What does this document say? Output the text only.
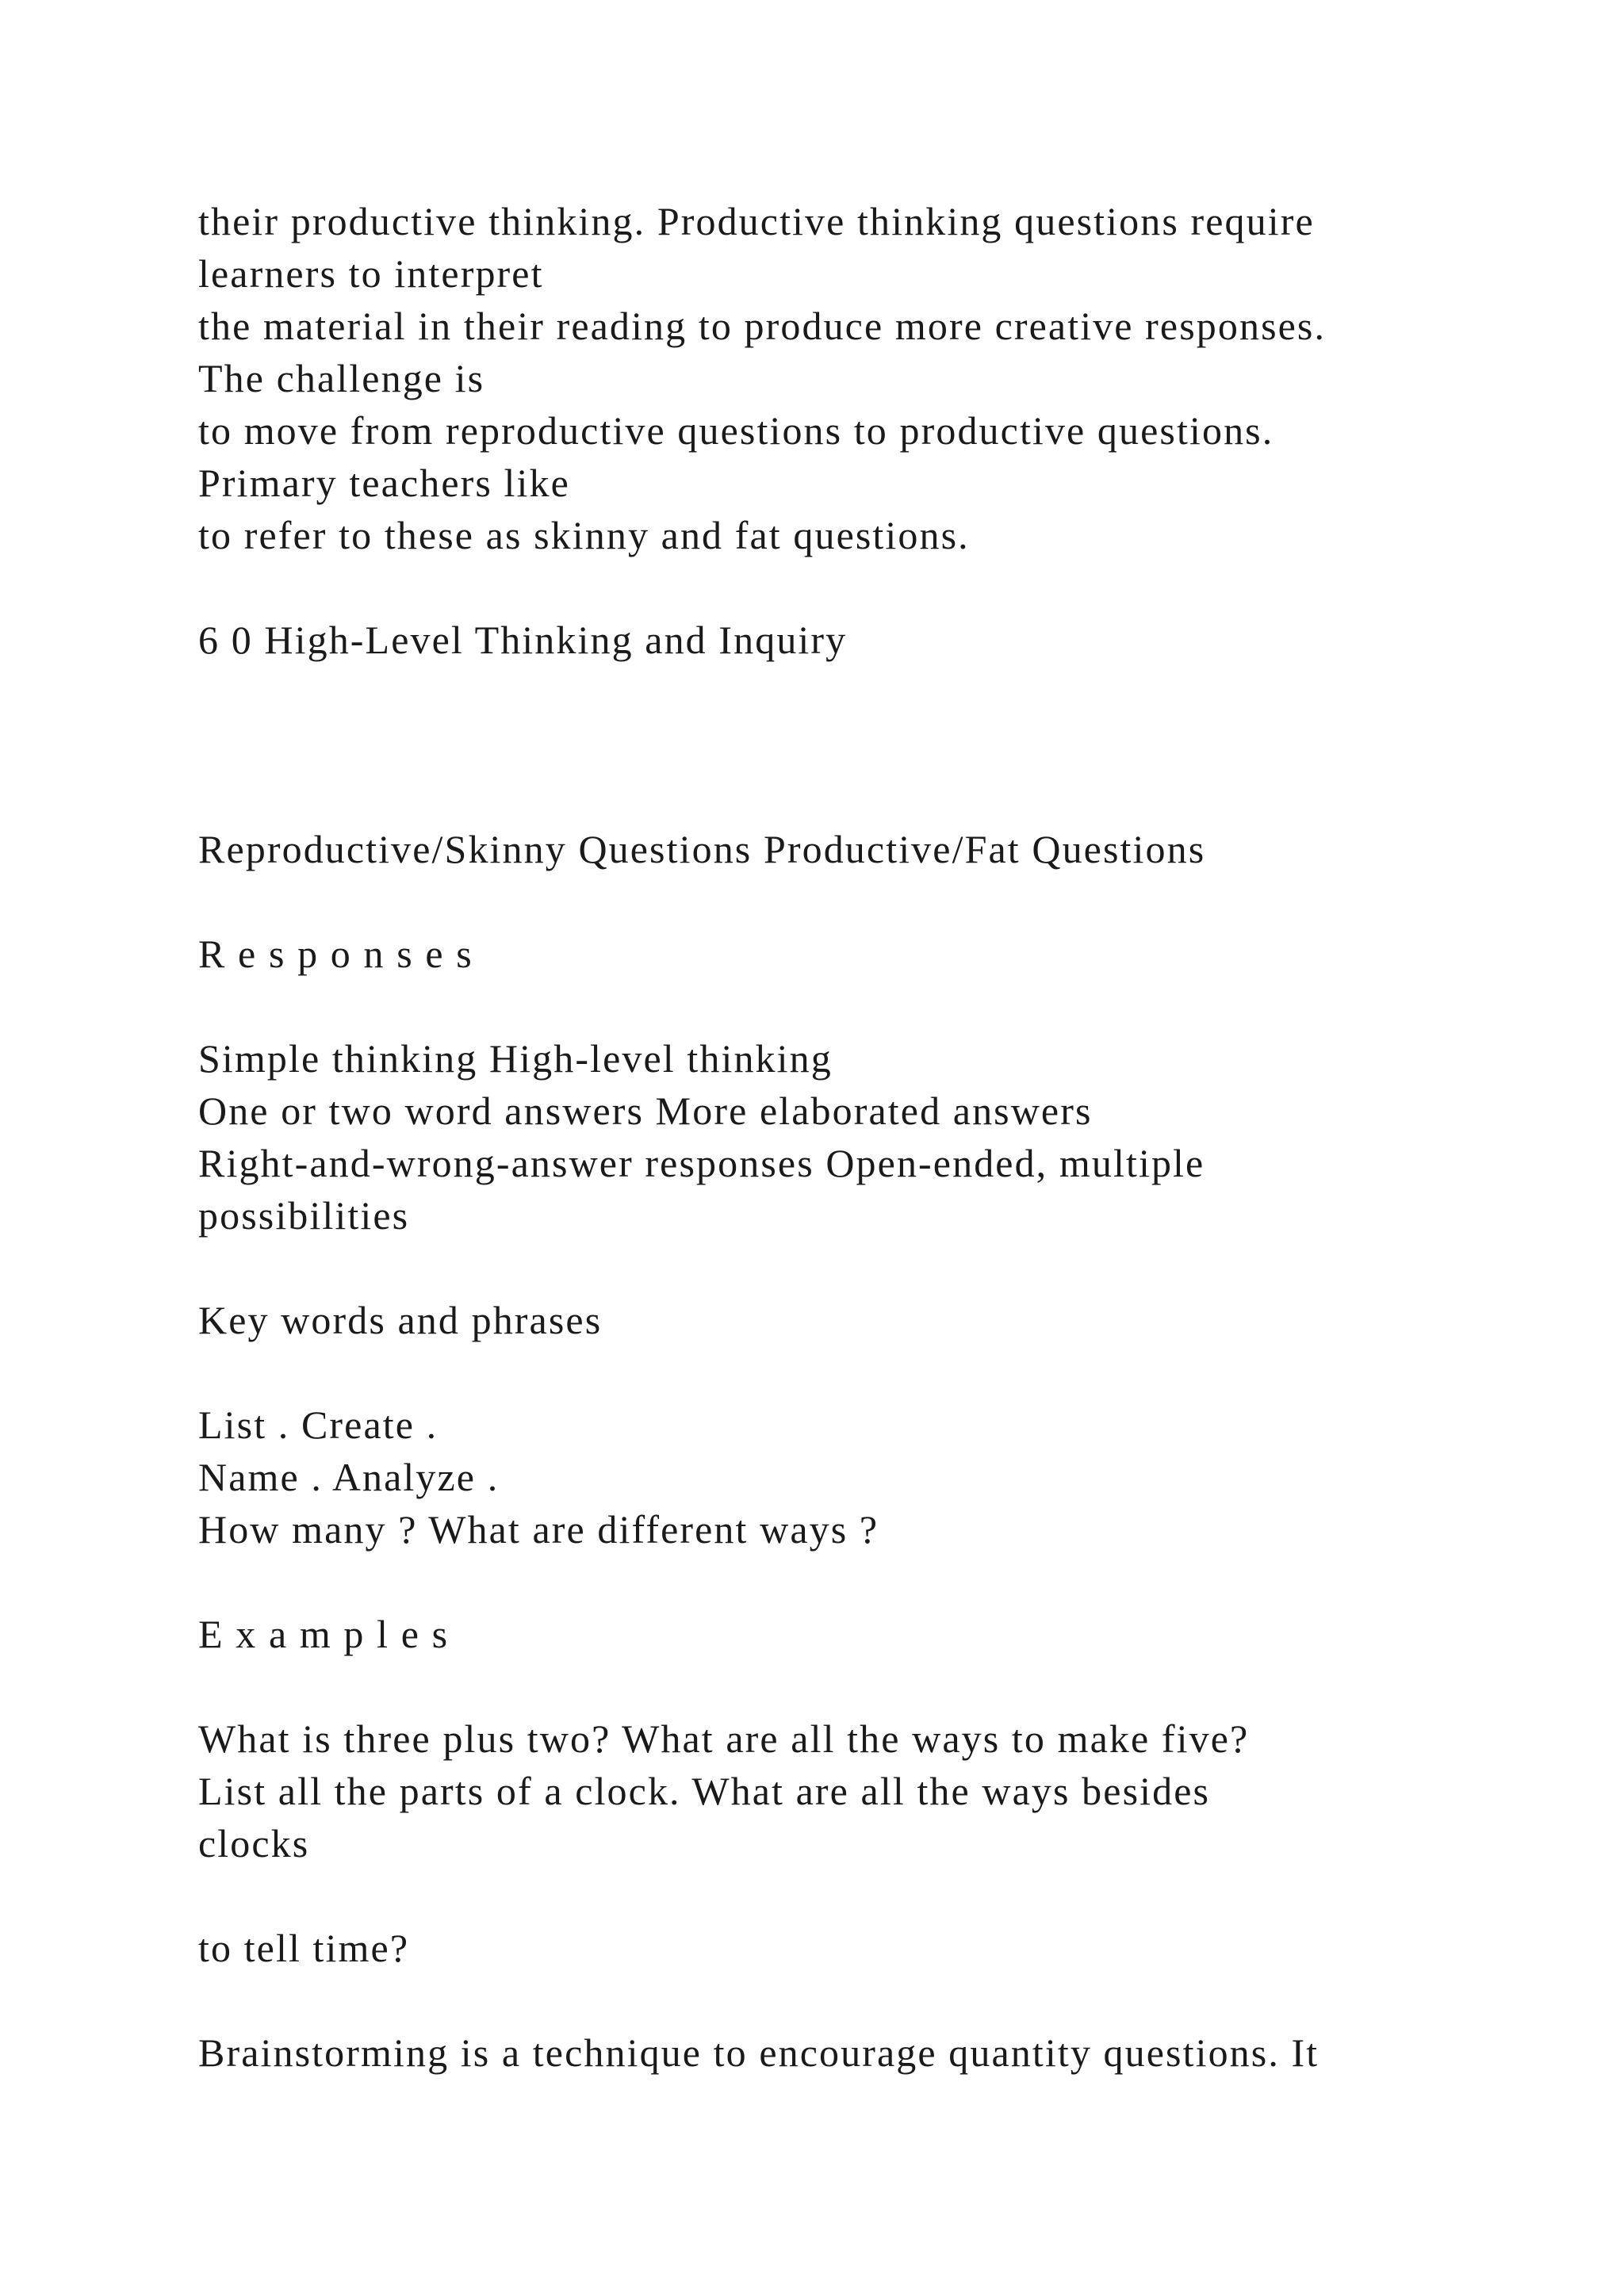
their productive thinking. Productive thinking questions require
learners to interpret
the material in their reading to produce more creative responses.
The challenge is
to move from reproductive questions to productive questions.
Primary teachers like
to refer to these as skinny and fat questions.
6 0 High-Level Thinking and Inquiry
Reproductive/Skinny Questions Productive/Fat Questions
R e s p o n s e s
Simple thinking High-level thinking
One or two word answers More elaborated answers
Right-and-wrong-answer responses Open-ended, multiple
possibilities
Key words and phrases
List . Create .
Name . Analyze .
How many ? What are different ways ?
E x a m p l e s
What is three plus two? What are all the ways to make five?
List all the parts of a clock. What are all the ways besides
clocks
to tell time?
Brainstorming is a technique to encourage quantity questions. It
